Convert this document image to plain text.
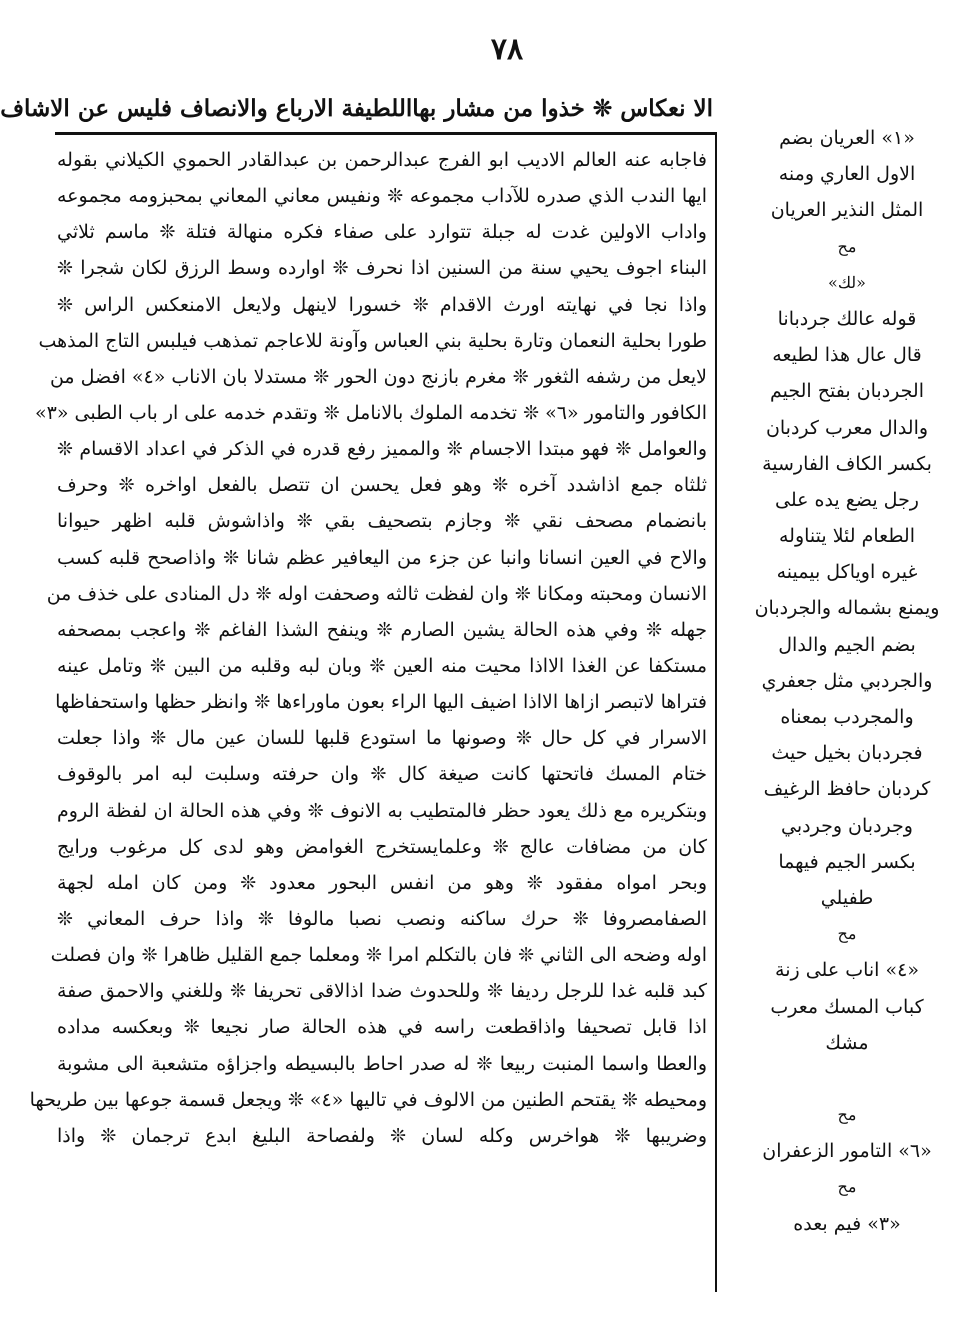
٧٨
الا نعكاس ❊ خذوا من مشار بهااللطيفة الارباع والانصاف فليس عن الاشاف
فاجابه عنه العالم الاديب ابو الفرج عبدالرحمن بن عبدالقادر الحموي الكيلاني بقوله
ايها الندب الذي صدره للآداب مجموعه ❊ ونفيس معاني المعاني بمحبزومه مجموعه
واداب الاولين غدت له جبلة تتوارد على صفاء فكره منهالة فتلة ❊ ماسم ثلاثي
البناء اجوف يحيي سنة من السنين اذا نحرف ❊ اوارده وسط الرزق لكان شجرا ❊
واذا نجا في نهايته اورث الاقدام ❊ خسورا لاينهل ولايعل الامنعكس الراس ❊
طورا بحلية النعمان وتارة بحلية بني العباس وآونة للاعاجم تمذهب فيلبس التاج المذهب
لايعل من رشفه الثغور ❊ مغرم بازنج دون الحور ❊ مستدلا بان الاناب «٤» افضل من
الكافور والتامور «٦» ❊ تخدمه الملوك بالانامل ❊ وتقدم خدمه على ار باب الطبى «٣»
والعوامل ❊ فهو مبتدا الاجسام ❊ والمميز رفع قدره في الذكر في اعداد الاقسام ❊
ثلثاه جمع اذاشدد آخره ❊ وهو فعل يحسن ان تتصل بالفعل اواخره ❊ وحرف
بانضمام مصحف نقي ❊ وجازم بتصحيف بقي ❊ واذاشوش قلبه اظهر حيوانا
والاح في العين انسانا وانبا عن جزء من اليعافير عظم شانا ❊ واذاصحح قلبه كسب
الانسان ومحبته ومكانا ❊ وان لفظت ثالثه وصحفت اوله ❊ دل المنادى على خذف من
جهله ❊ وفي هذه الحالة يشين الصارم ❊ وينفح الشذا الفاغم ❊ واعجب بمصحفه
مستكفا عن الغذا الااذا محيت منه العين ❊ وبان لبه وقلبه من البين ❊ وتامل عينه
فتراها لاتبصر ازاها الااذا اضيف اليها الراء بعون ماوراءها ❊ وانظر حظها واستحفاظها
الاسرار في كل حال ❊ وصونها ما استودع قلبها للسان عين مال ❊ واذا جعلت
ختام المسك فاتحتها كانت صيغة كال ❊ وان حرفته وسلبت لبه امر بالوقوف
وبتكريره مع ذلك يعود حظر فالمتطيب به الانوف ❊ وفي هذه الحالة ان لفظة الروم
كان من مضافات عالج ❊ وعلمايستخرج الغوامض وهو لدى كل مرغوب ورايج
وبحر امواه مفقود ❊ وهو من انفس البحور معدود ❊ ومن كان امله لجهة
الصفامصروفا ❊ حرك ساكنه ونصب نصبا مالوفا ❊ واذا حرف المعاني ❊
اوله وضحه الى الثاني ❊ فان بالتكلم امرا ❊ ومعلما جمع القليل ظاهرا ❊ وان فصلت
كبد قلبه غدا للرجل رديفا ❊ وللحدوث ضدا اذالاقى تحريفا ❊ وللغني والاحمق صفة
اذا قابل تصحيفا واذاقطعت راسه في هذه الحالة صار نجيعا ❊ وبعكسه مداده
والعطا واسما المنبت ربيعا ❊ له صدر احاط بالبسيطه واجزاؤه متشعبة الى مشوبة
ومحيطه ❊ يقتحم الطنين من الالوف في تاليها «٤» ❊ ويجعل قسمة جوعها بين طريحها
وضريبها ❊ هواخرس وكله لسان ❊ ولفصاحة البليغ ابدع ترجمان ❊ واذا
«١» العريان بضم
الاول العاري ومنه
المثل النذير العريان
مح
«لك»
قوله عالك جردبانا
قال عال هذا لطيعه
الجردبان بفتح الجيم
والدال معرب كردبان
بكسر الكاف الفارسية
رجل يضع يده على
الطعام لئلا يتناوله
غيره اوياكل بيمينه
ويمنع بشماله والجردبان
بضم الجيم والدال
والجردبي مثل جعفري
والمجردب بمعناه
فجردبان بخيل حيث
كردبان حافظ الرغيف
وجردبان وجردبي
بكسر الجيم فيهما
طفيلي
مح
«٤» اناب على زنة
كباب المسك معرب
مشك
مح
«٦» التامور الزعفران
مح
«٣» فيم بعده
